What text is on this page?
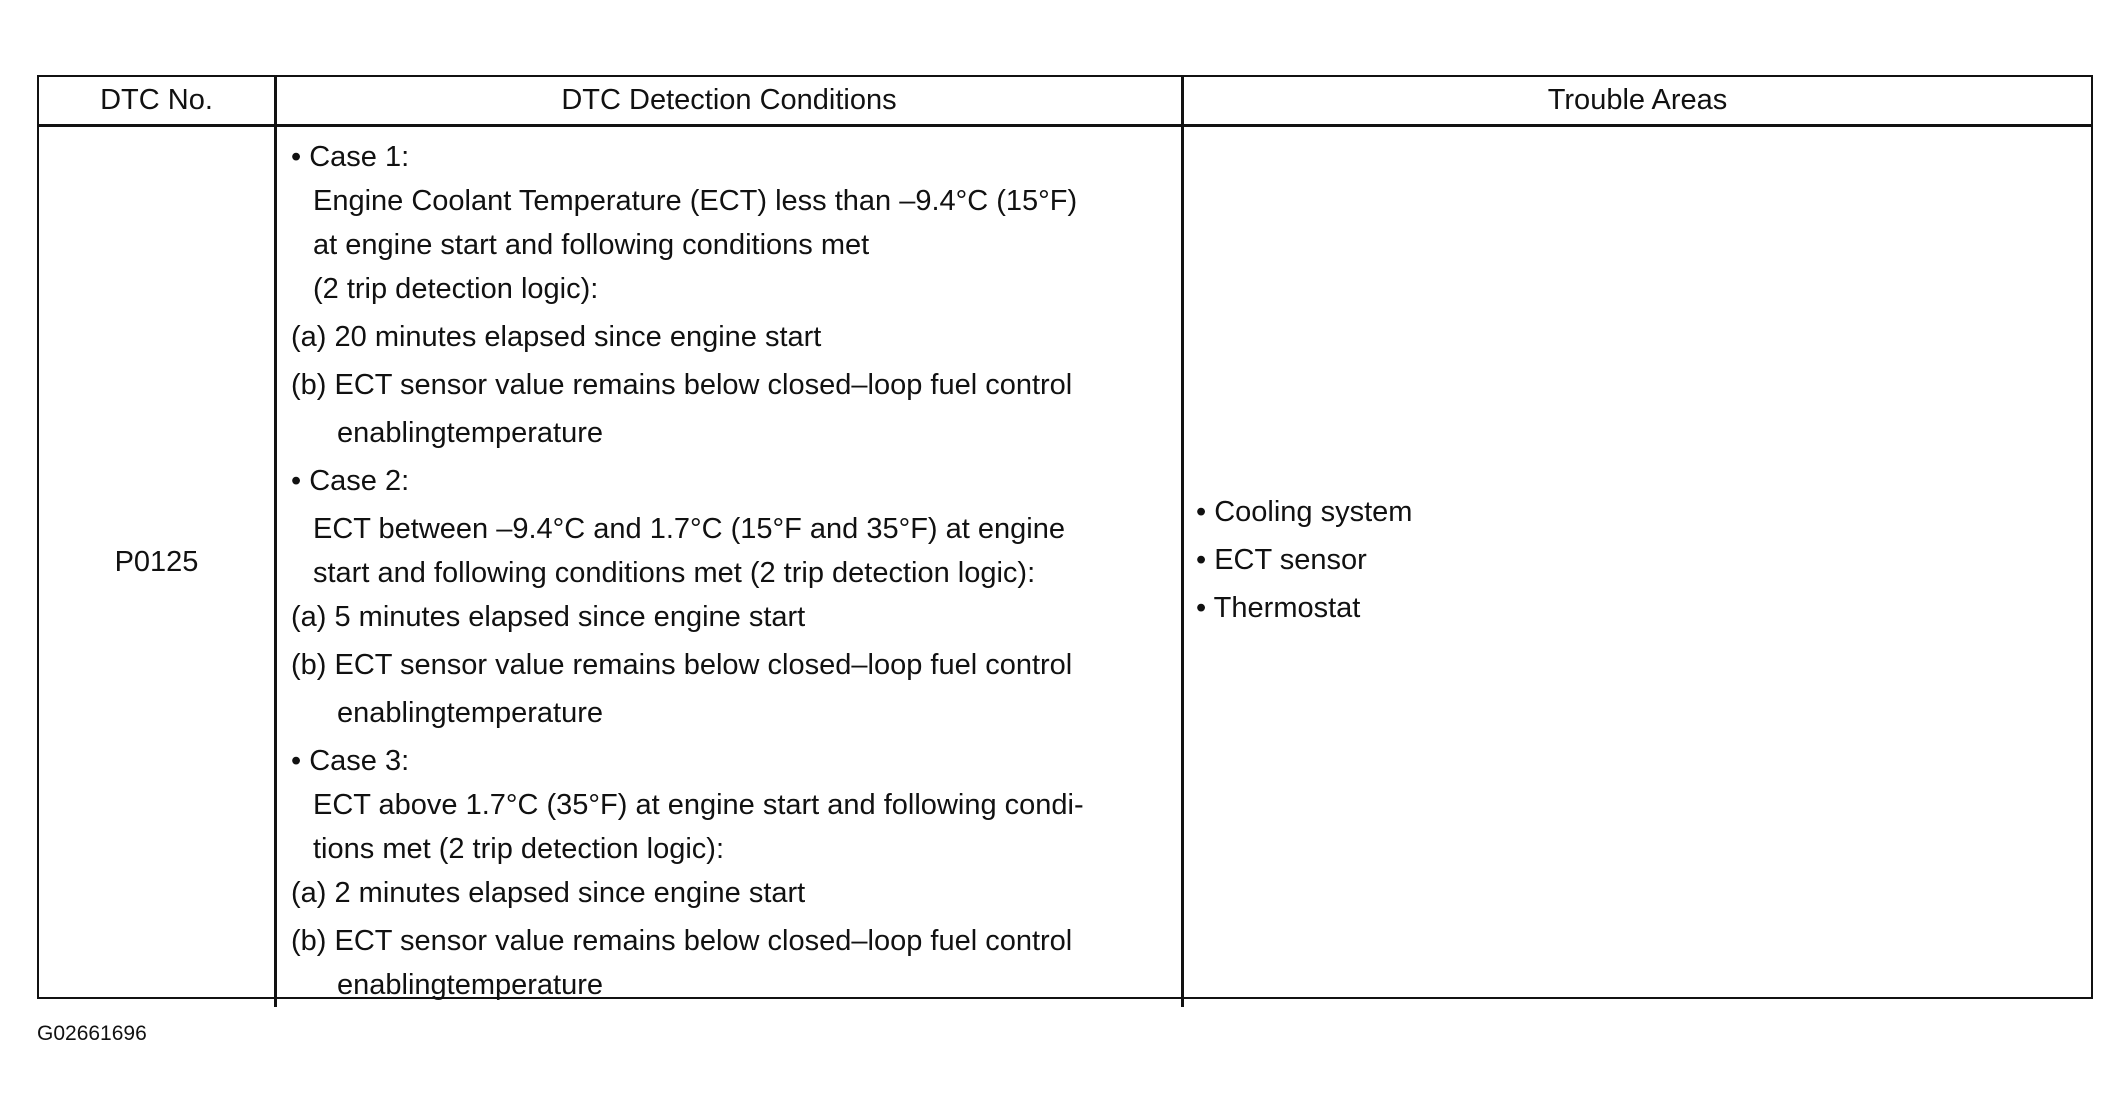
DTC No.	DTC Detection Conditions	Trouble Areas
P0125
• Case 1:
Engine Coolant Temperature (ECT) less than –9.4°C (15°F)
at engine start and following conditions met
(2 trip detection logic):
(a) 20 minutes elapsed since engine start
(b) ECT sensor value remains below closed–loop fuel control
enablingtemperature
• Case 2:
ECT between –9.4°C and 1.7°C (15°F and 35°F) at engine
start and following conditions met (2 trip detection logic):
(a) 5 minutes elapsed since engine start
(b) ECT sensor value remains below closed–loop fuel control
enablingtemperature
• Case 3:
ECT above 1.7°C (35°F) at engine start and following condi-
tions met (2 trip detection logic):
(a) 2 minutes elapsed since engine start
(b) ECT sensor value remains below closed–loop fuel control
enablingtemperature
• Cooling system
• ECT sensor
• Thermostat
G02661696
